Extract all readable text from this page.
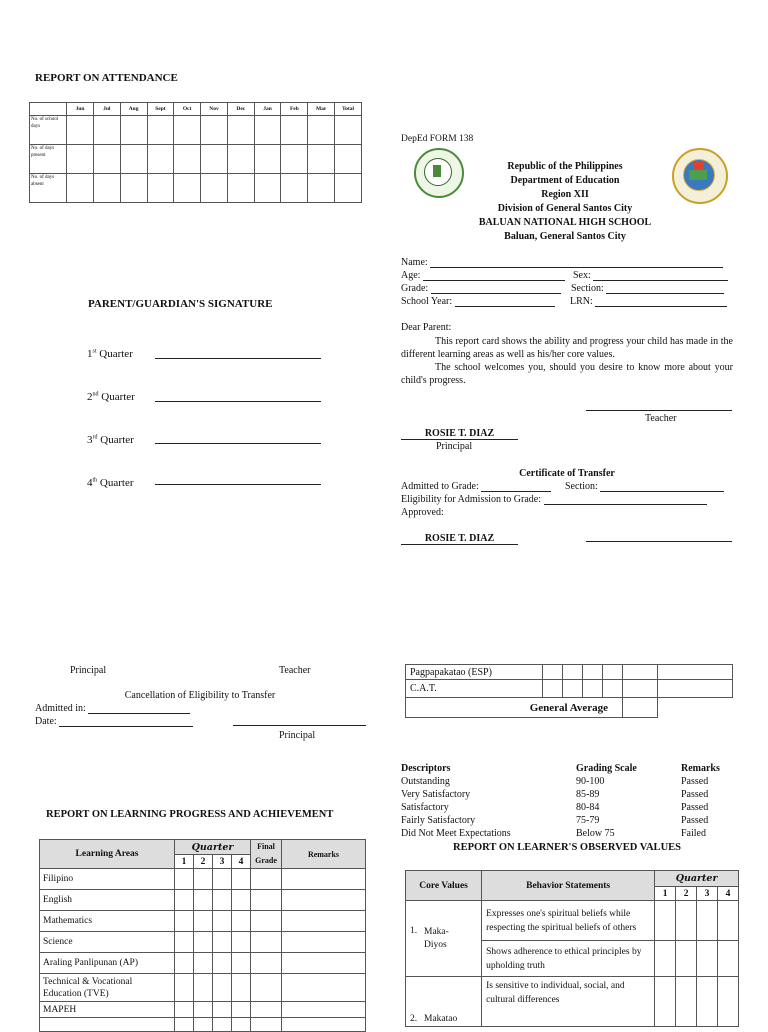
REPORT ON ATTENDANCE
	Jun	Jul	Aug	Sept	Oct	Nov	Dec	Jan	Feb	Mar	Total
No. of school days											
No. of days present											
No. of days absent											
PARENT/GUARDIAN'S SIGNATURE
1st Quarter
2nd Quarter
3rd Quarter
4th Quarter
DepEd FORM 138
Republic of the Philippines
Department of Education
Region XII
Division of General Santos City
BALUAN NATIONAL HIGH SCHOOL
Baluan, General Santos City
Name:
Age:	Sex:
Grade:	Section:
School Year:	LRN:
Dear Parent:
This report card shows the ability and progress your child has made in the different learning areas as well as his/her core values.
The school welcomes you, should you desire to know more about your child's progress.
Teacher
ROSIE T. DIAZ
Principal
Certificate of Transfer
Admitted to Grade:	Section:
Eligibility for Admission to Grade:
Approved:
ROSIE T. DIAZ
Principal	Teacher
Cancellation of Eligibility to Transfer
Admitted in:
Date:
Principal
REPORT ON LEARNING PROGRESS AND ACHIEVEMENT
Learning Areas	Quarter				Final Grade	Remarks
	1	2	3	4		
Filipino						
English						
Mathematics						
Science						
Araling Panlipunan (AP)						
Technical & Vocational Education (TVE)						
MAPEH						

Pagpapakatao (ESP)						
C.A.T.						
General Average						
Descriptors	Grading Scale	Remarks
Outstanding	90-100	Passed
Very Satisfactory	85-89	Passed
Satisfactory	80-84	Passed
Fairly Satisfactory	75-79	Passed
Did Not Meet Expectations	Below 75	Failed
REPORT ON LEARNER'S OBSERVED VALUES
Core Values	Behavior Statements	Quarter			
		1	2	3	4

1. Maka-Diyos	Expresses one's spiritual beliefs while respecting the spiritual beliefs of others				
	Shows adherence to ethical principles by upholding truth				

2. Makatao	Is sensitive to individual, social, and cultural differences				
